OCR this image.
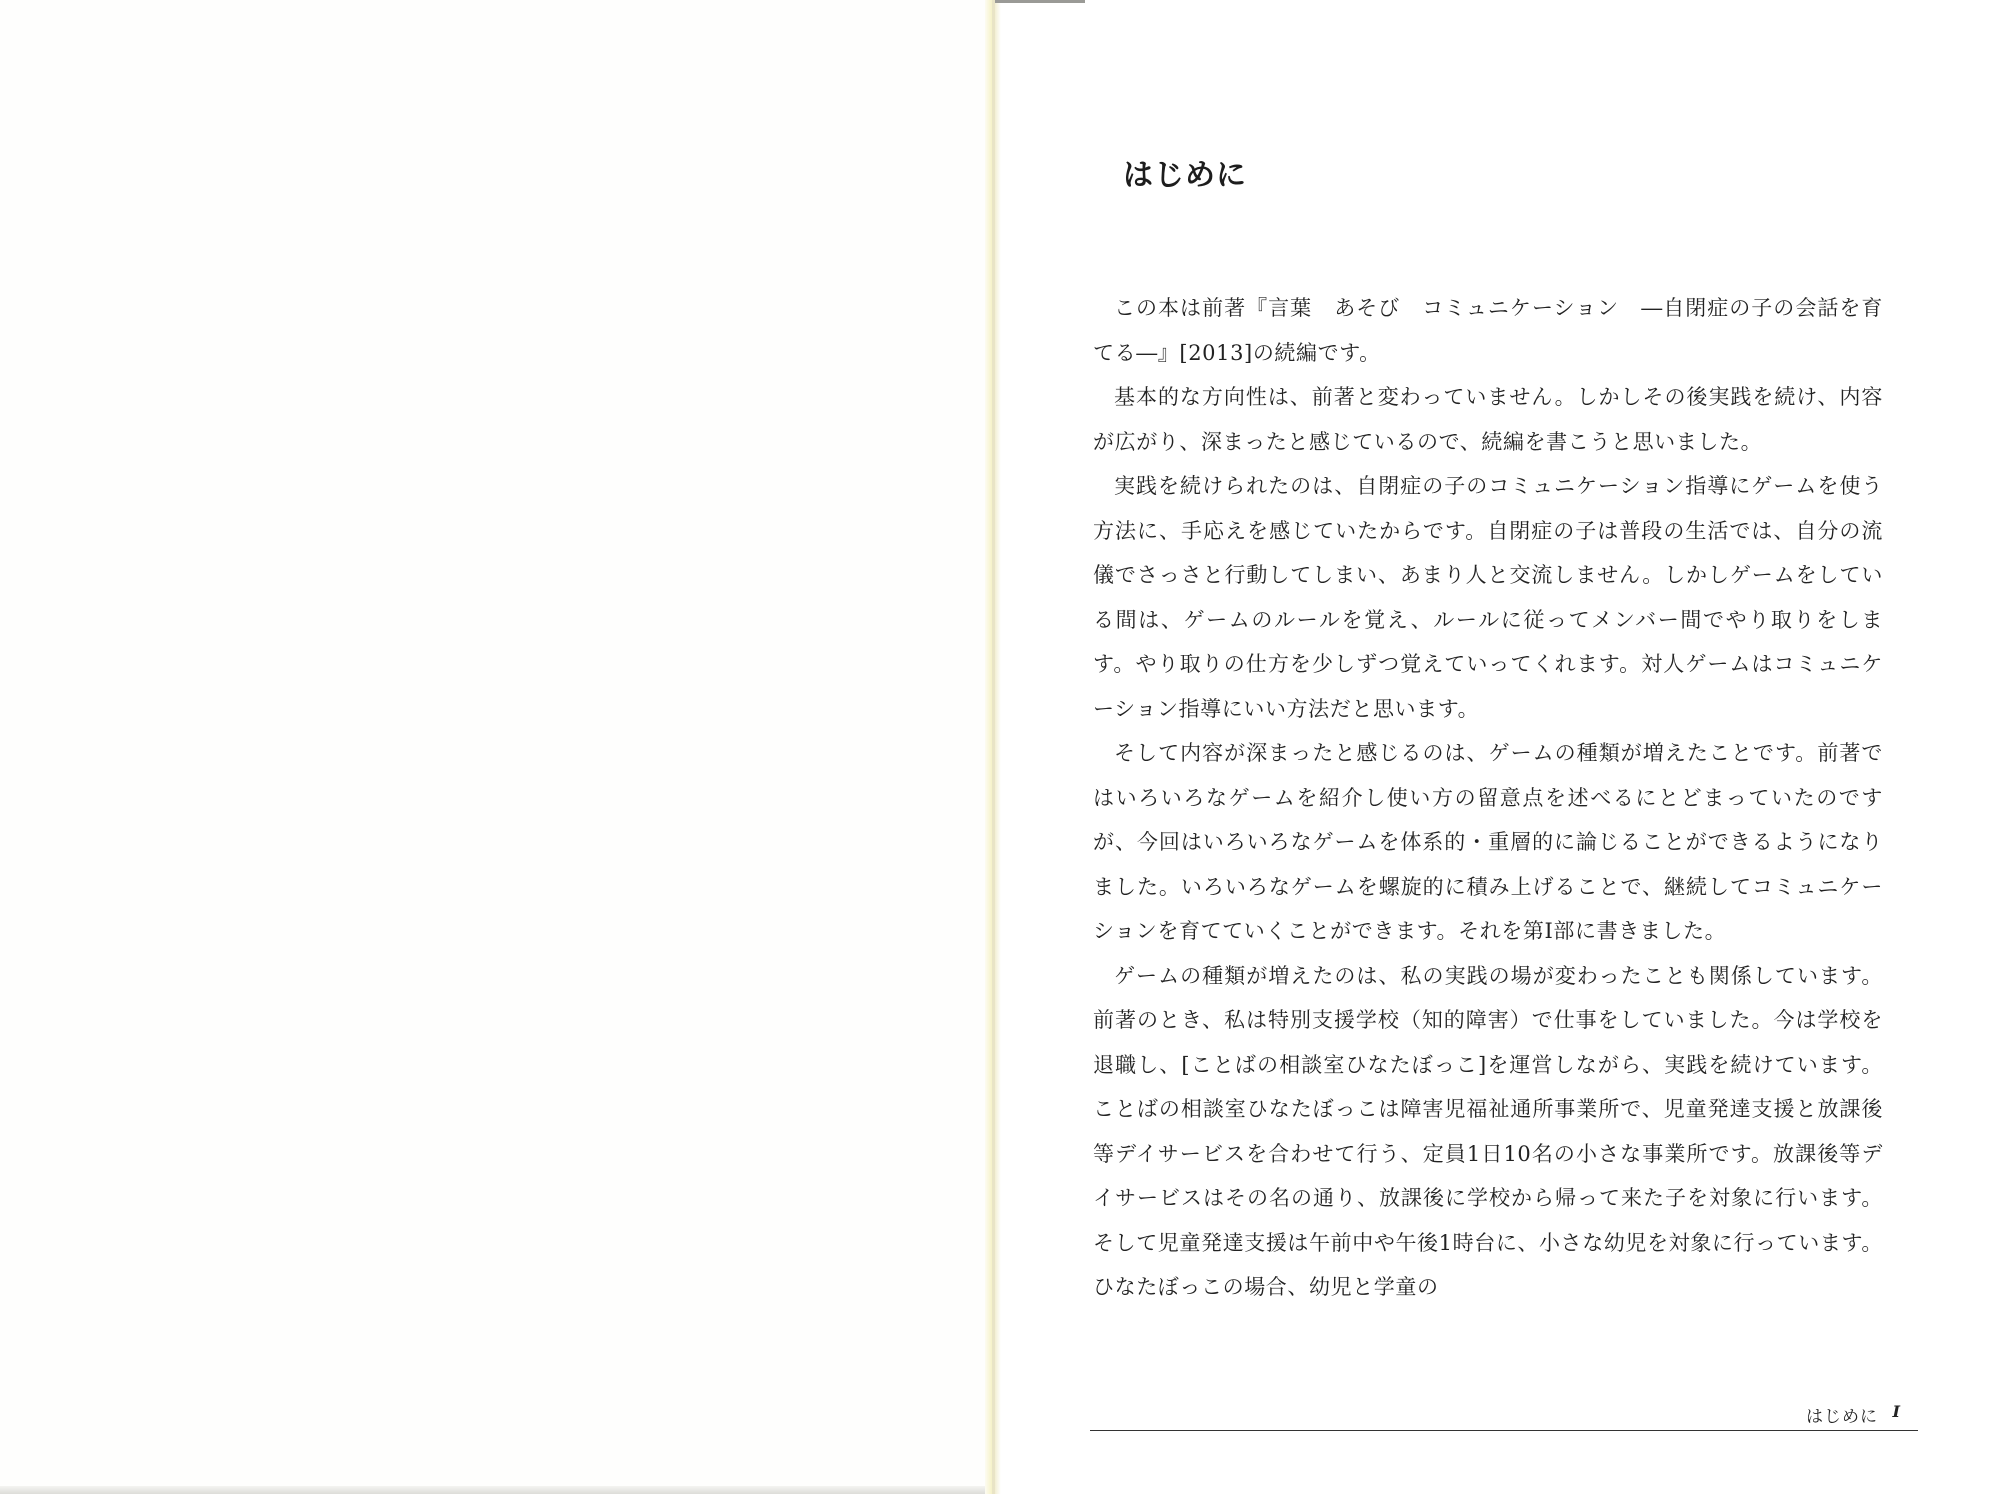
はじめに

この本は前著『言葉　あそび　コミュニケーション　―自閉症の子の会話を育てる―』[2013]の続編です。

基本的な方向性は、前著と変わっていません。しかしその後実践を続け、内容が広がり、深まったと感じているので、続編を書こうと思いました。

実践を続けられたのは、自閉症の子のコミュニケーション指導にゲームを使う方法に、手応えを感じていたからです。自閉症の子は普段の生活では、自分の流儀でさっさと行動してしまい、あまり人と交流しません。しかしゲームをしている間は、ゲームのルールを覚え、ルールに従ってメンバー間でやり取りをします。やり取りの仕方を少しずつ覚えていってくれます。対人ゲームはコミュニケーション指導にいい方法だと思います。

そして内容が深まったと感じるのは、ゲームの種類が増えたことです。前著ではいろいろなゲームを紹介し使い方の留意点を述べるにとどまっていたのですが、今回はいろいろなゲームを体系的・重層的に論じることができるようになりました。いろいろなゲームを螺旋的に積み上げることで、継続してコミュニケーションを育てていくことができます。それを第Ⅰ部に書きました。

ゲームの種類が増えたのは、私の実践の場が変わったことも関係しています。前著のとき、私は特別支援学校（知的障害）で仕事をしていました。今は学校を退職し、[ことばの相談室ひなたぼっこ]を運営しながら、実践を続けています。ことばの相談室ひなたぼっこは障害児福祉通所事業所で、児童発達支援と放課後等デイサービスを合わせて行う、定員1日10名の小さな事業所です。放課後等デイサービスはその名の通り、放課後に学校から帰って来た子を対象に行います。そして児童発達支援は午前中や午後1時台に、小さな幼児を対象に行っています。ひなたぼっこの場合、幼児と学童の

はじめに I
